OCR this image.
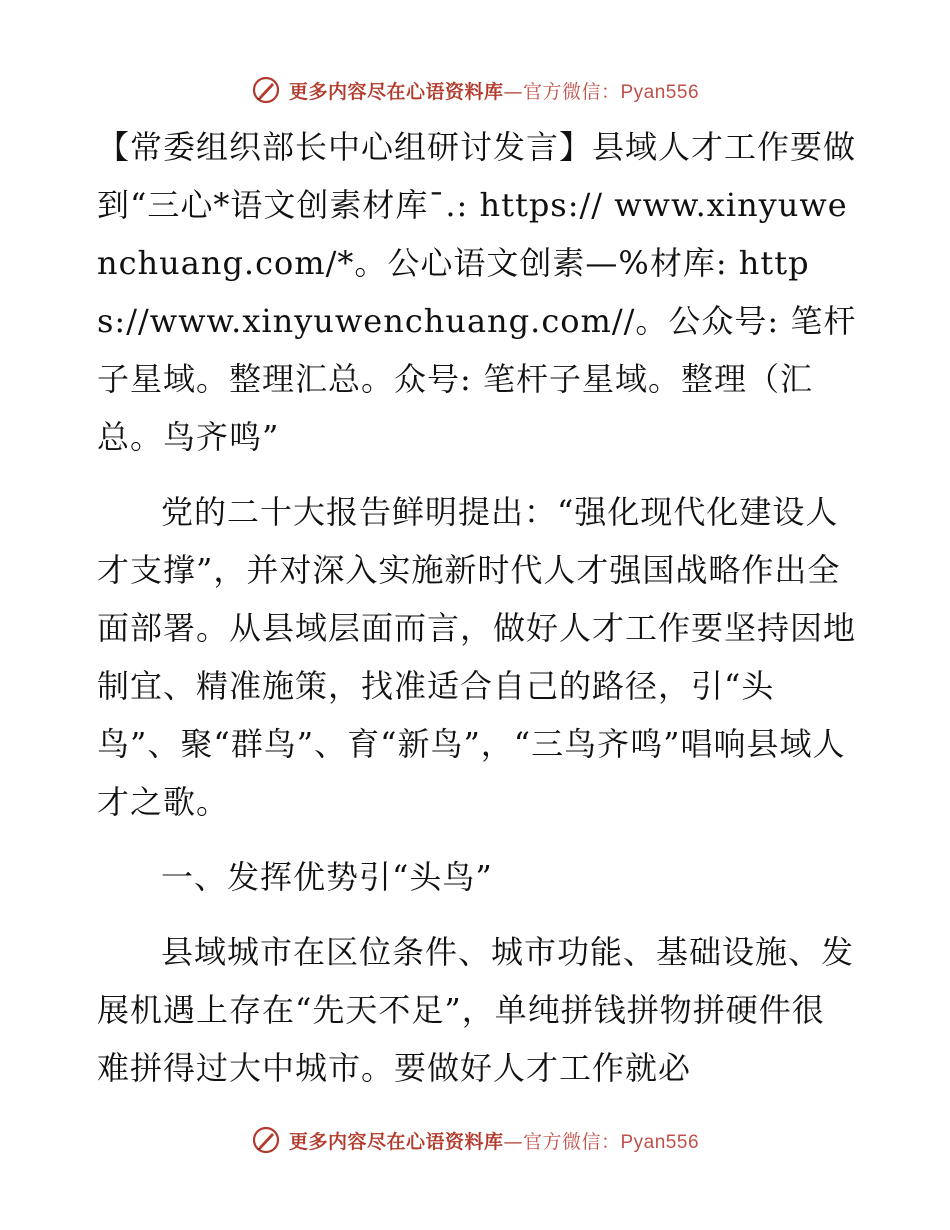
更多内容尽在心语资料库—官方微信：Pyan556

【常委组织部长中心组研讨发言】县域人才工作要做到“三心*语文创素材库¯.: https:// www.xinyuwenchuang.com/*。公心语文创素—%材库: https://www.xinyuwenchuang.com//。公众号: 笔杆子星域。整理汇总。众号: 笔杆子星域。整理（汇总。鸟齐鸣”

党的二十大报告鲜明提出：“强化现代化建设人才支撑”，并对深入实施新时代人才强国战略作出全面部署。从县域层面而言，做好人才工作要坚持因地制宜、精准施策，找准适合自己的路径，引“头鸟”、聚“群鸟”、育“新鸟”，“三鸟齐鸣”唱响县域人才之歌。

一、发挥优势引“头鸟”

县域城市在区位条件、城市功能、基础设施、发展机遇上存在“先天不足”，单纯拼钱拼物拼硬件很难拼得过大中城市。要做好人才工作就必

更多内容尽在心语资料库—官方微信：Pyan556
